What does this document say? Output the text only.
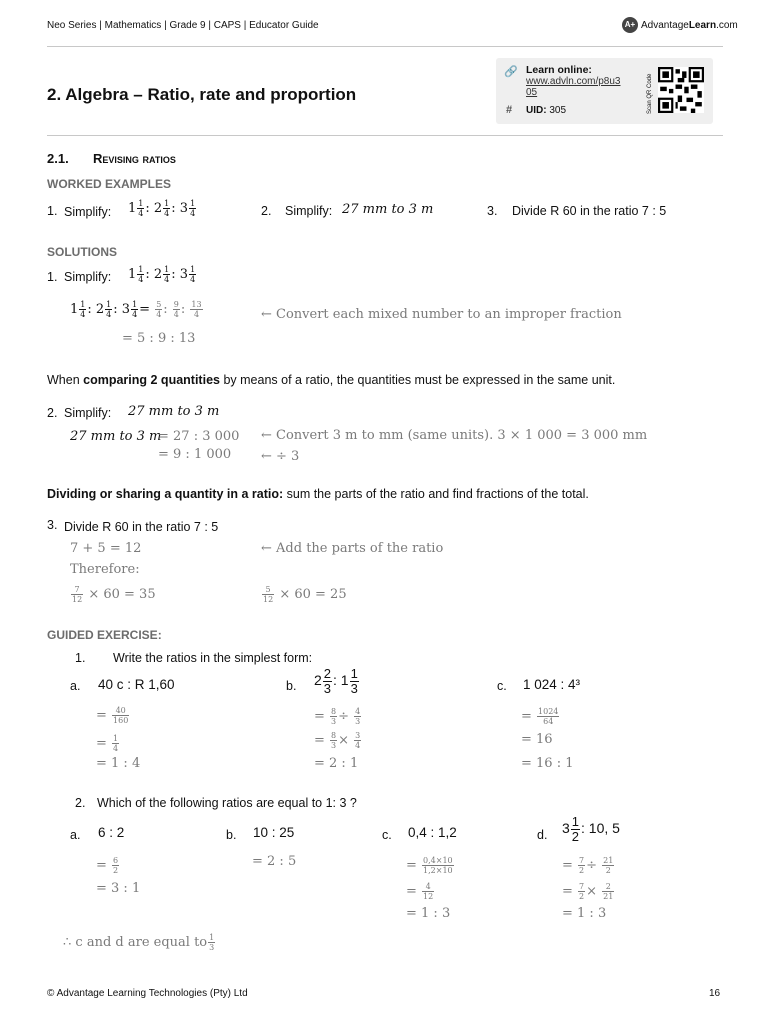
Neo Series | Mathematics | Grade 9 | CAPS | Educator Guide	A+ AdvantageLearn.com
2. Algebra – Ratio, rate and proportion
🔗 Learn online:
www.advln.com/p8u3
05
# UID: 305	Scan QR Code
2.1. Revising ratios
WORKED EXAMPLES
1. Simplify: $1 \frac{1}{4}$ : $2 \frac{1}{4}$ : $3 \frac{1}{4}$	2. Simplify: 27 mm to 3 m	3. Divide R 60 in the ratio 7 : 5
SOLUTIONS
1. Simplify: $1 \frac{1}{4}$ : $2 \frac{1}{4}$ : $3 \frac{1}{4}$
$1 \frac{1}{4}$ : $2 \frac{1}{4}$ : $3 \frac{1}{4} = \frac{5}{4}$ : $\frac{9}{4}$ : $\frac{13}{4}$	← Convert each mixed number to an improper fraction
= 5 : 9 : 13
When comparing 2 quantities by means of a ratio, the quantities must be expressed in the same unit.
2. Simplify: 27 mm to 3 m
27 mm to 3 m
= 27 : 3 000 ← Convert 3 m to mm (same units). 3 × 1 000 = 3 000 mm
= 9 : 1 000 ← ÷ 3
Dividing or sharing a quantity in a ratio: sum the parts of the ratio and find fractions of the total.
3. Divide R 60 in the ratio 7 : 5
7 + 5 = 12	← Add the parts of the ratio
Therefore:
$\frac{7}{12} \times 60 = 35$	$\frac{5}{12} \times 60 = 25$
GUIDED EXERCISE:
1. Write the ratios in the simplest form:
a. 40 c : R 1,60
= $\frac{40}{160}$
= $\frac{1}{4}$
= 1 : 4
b. $2 \frac{2}{3}$ : $1 \frac{1}{3}$
= $\frac{8}{3} \div \frac{4}{3}$
= $\frac{8}{3} \times \frac{3}{4}$
= 2 : 1
c. 1 024 : 4³
= $\frac{1024}{64}$
= 16
= 16 : 1
2. Which of the following ratios are equal to 1: 3 ?
a. 6 : 2
= $\frac{6}{2}$
= 3 : 1
b. 10 : 25
= 2 : 5
c. 0,4 : 1,2
= $\frac{0,4\times 10}{1,2\times 10}$
= $\frac{4}{12}$
= 1 : 3
d. $3 \frac{1}{2}$ : 10, 5
= $\frac{7}{2} \div \frac{21}{2}$
= $\frac{7}{2} \times \frac{2}{21}$
= 1 : 3
∴ c and d are equal to $\frac{1}{3}$
© Advantage Learning Technologies (Pty) Ltd	16
